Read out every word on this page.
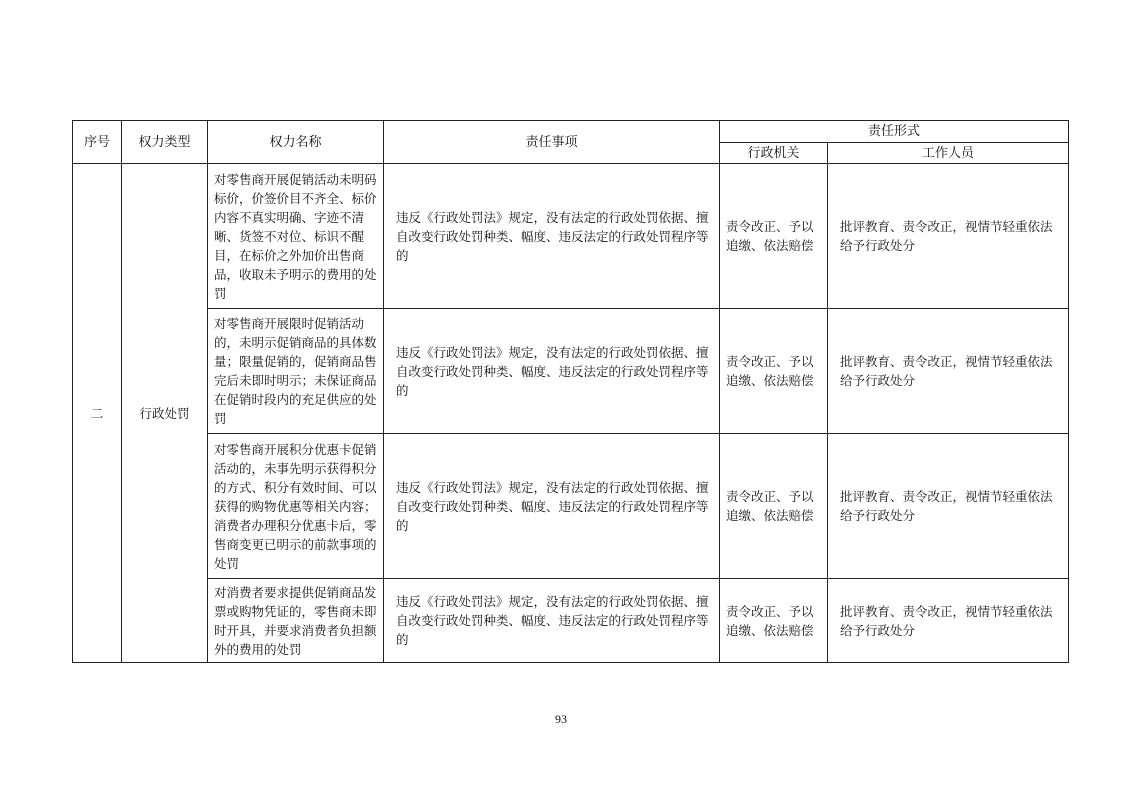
序号	权力类型	权力名称	责任事项	责任形式	
				行政机关	工作人员
二	行政处罚	对零售商开展促销活动未明码标价，价签价目不齐全、标价内容不真实明确、字迹不清晰、货签不对位、标识不醒目，在标价之外加价出售商品，收取未予明示的费用的处罚	违反《行政处罚法》规定，没有法定的行政处罚依据、擅自改变行政处罚种类、幅度、违反法定的行政处罚程序等的	责令改正、予以追缴、依法赔偿	批评教育、责令改正，视情节轻重依法给予行政处分

		对零售商开展限时促销活动的，未明示促销商品的具体数量；限量促销的，促销商品售完后未即时明示；未保证商品在促销时段内的充足供应的处罚	违反《行政处罚法》规定，没有法定的行政处罚依据、擅自改变行政处罚种类、幅度、违反法定的行政处罚程序等的	责令改正、予以追缴、依法赔偿	批评教育、责令改正，视情节轻重依法给予行政处分

		对零售商开展积分优惠卡促销活动的，未事先明示获得积分的方式、积分有效时间、可以获得的购物优惠等相关内容；消费者办理积分优惠卡后，零售商变更已明示的前款事项的处罚	违反《行政处罚法》规定，没有法定的行政处罚依据、擅自改变行政处罚种类、幅度、违反法定的行政处罚程序等的	责令改正、予以追缴、依法赔偿	批评教育、责令改正，视情节轻重依法给予行政处分

		对消费者要求提供促销商品发票或购物凭证的，零售商未即时开具，并要求消费者负担额外的费用的处罚	违反《行政处罚法》规定，没有法定的行政处罚依据、擅自改变行政处罚种类、幅度、违反法定的行政处罚程序等的	责令改正、予以追缴、依法赔偿	批评教育、责令改正，视情节轻重依法给予行政处分
93
